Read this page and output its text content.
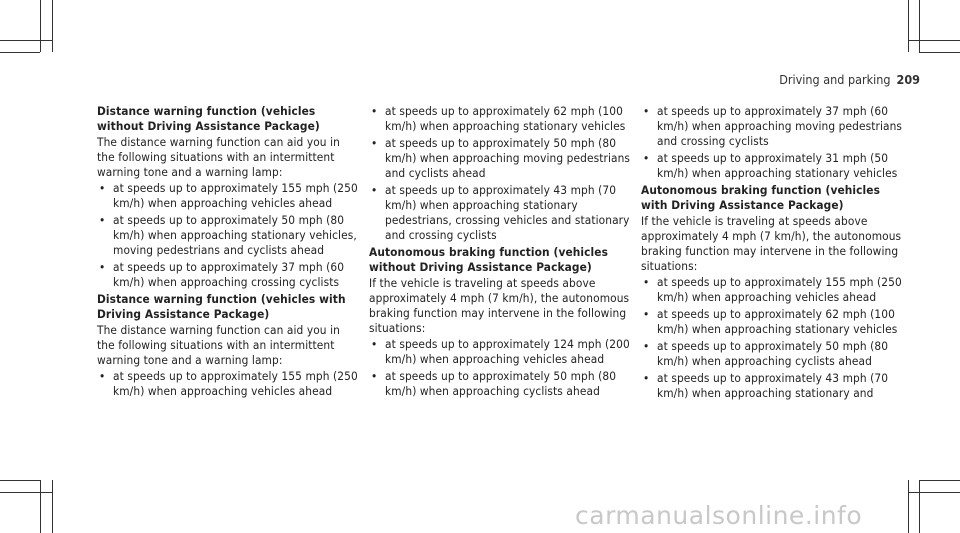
Driving and parking 209
Distance warning function (vehicles without Driving Assistance Package)

The distance warning function can aid you in the following situations with an intermittent warning tone and a warning lamp:

• at speeds up to approximately 155 mph (250 km/h) when approaching vehicles ahead
• at speeds up to approximately 50 mph (80 km/h) when approaching stationary vehicles, moving pedestrians and cyclists ahead
• at speeds up to approximately 37 mph (60 km/h) when approaching crossing cyclists
Distance warning function (vehicles with Driving Assistance Package)

The distance warning function can aid you in the following situations with an intermittent warning tone and a warning lamp:

• at speeds up to approximately 155 mph (250 km/h) when approaching vehicles ahead
• at speeds up to approximately 62 mph (100 km/h) when approaching stationary vehicles
• at speeds up to approximately 50 mph (80 km/h) when approaching moving pedestrians and cyclists ahead
• at speeds up to approximately 43 mph (70 km/h) when approaching stationary pedestrians, crossing vehicles and stationary and crossing cyclists
Autonomous braking function (vehicles without Driving Assistance Package)

If the vehicle is traveling at speeds above approximately 4 mph (7 km/h), the autonomous braking function may intervene in the following situations:

• at speeds up to approximately 124 mph (200 km/h) when approaching vehicles ahead
• at speeds up to approximately 50 mph (80 km/h) when approaching cyclists ahead
• at speeds up to approximately 37 mph (60 km/h) when approaching moving pedestrians and crossing cyclists
• at speeds up to approximately 31 mph (50 km/h) when approaching stationary vehicles
Autonomous braking function (vehicles with Driving Assistance Package)

If the vehicle is traveling at speeds above approximately 4 mph (7 km/h), the autonomous braking function may intervene in the following situations:

• at speeds up to approximately 155 mph (250 km/h) when approaching vehicles ahead
• at speeds up to approximately 62 mph (100 km/h) when approaching stationary vehicles
• at speeds up to approximately 50 mph (80 km/h) when approaching cyclists ahead
• at speeds up to approximately 43 mph (70 km/h) when approaching stationary and
carmanualsonline.info
